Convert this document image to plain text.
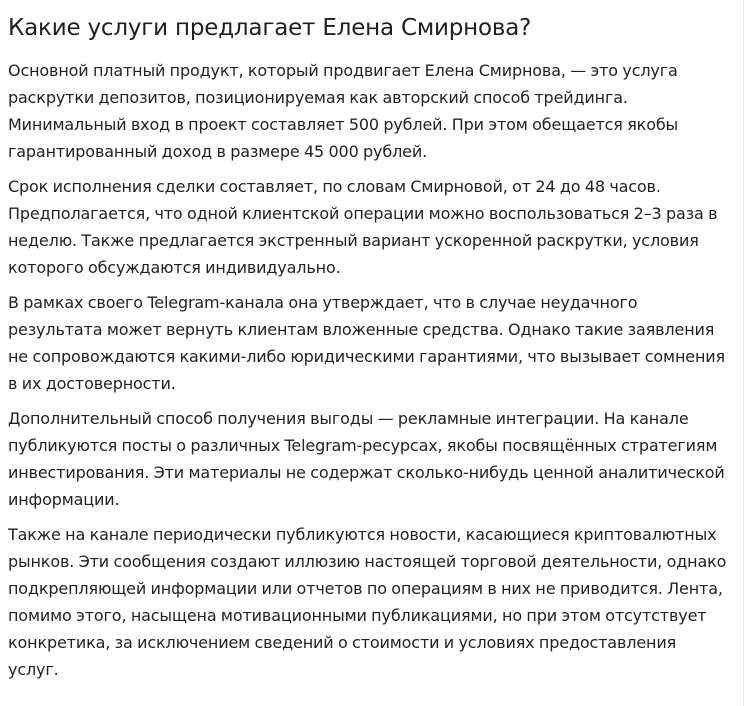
Какие услуги предлагает Елена Смирнова?

Основной платный продукт, который продвигает Елена Смирнова, — это услуга раскрутки депозитов, позиционируемая как авторский способ трейдинга. Минимальный вход в проект составляет 500 рублей. При этом обещается якобы гарантированный доход в размере 45 000 рублей.

Срок исполнения сделки составляет, по словам Смирновой, от 24 до 48 часов. Предполагается, что одной клиентской операции можно воспользоваться 2–3 раза в неделю. Также предлагается экстренный вариант ускоренной раскрутки, условия которого обсуждаются индивидуально.

В рамках своего Telegram-канала она утверждает, что в случае неудачного результата может вернуть клиентам вложенные средства. Однако такие заявления не сопровождаются какими-либо юридическими гарантиями, что вызывает сомнения в их достоверности.

Дополнительный способ получения выгоды — рекламные интеграции. На канале публикуются посты о различных Telegram-ресурсах, якобы посвящённых стратегиям инвестирования. Эти материалы не содержат сколько-нибудь ценной аналитической информации.

Также на канале периодически публикуются новости, касающиеся криптовалютных рынков. Эти сообщения создают иллюзию настоящей торговой деятельности, однако подкрепляющей информации или отчетов по операциям в них не приводится. Лента, помимо этого, насыщена мотивационными публикациями, но при этом отсутствует конкретика, за исключением сведений о стоимости и условиях предоставления услуг.
